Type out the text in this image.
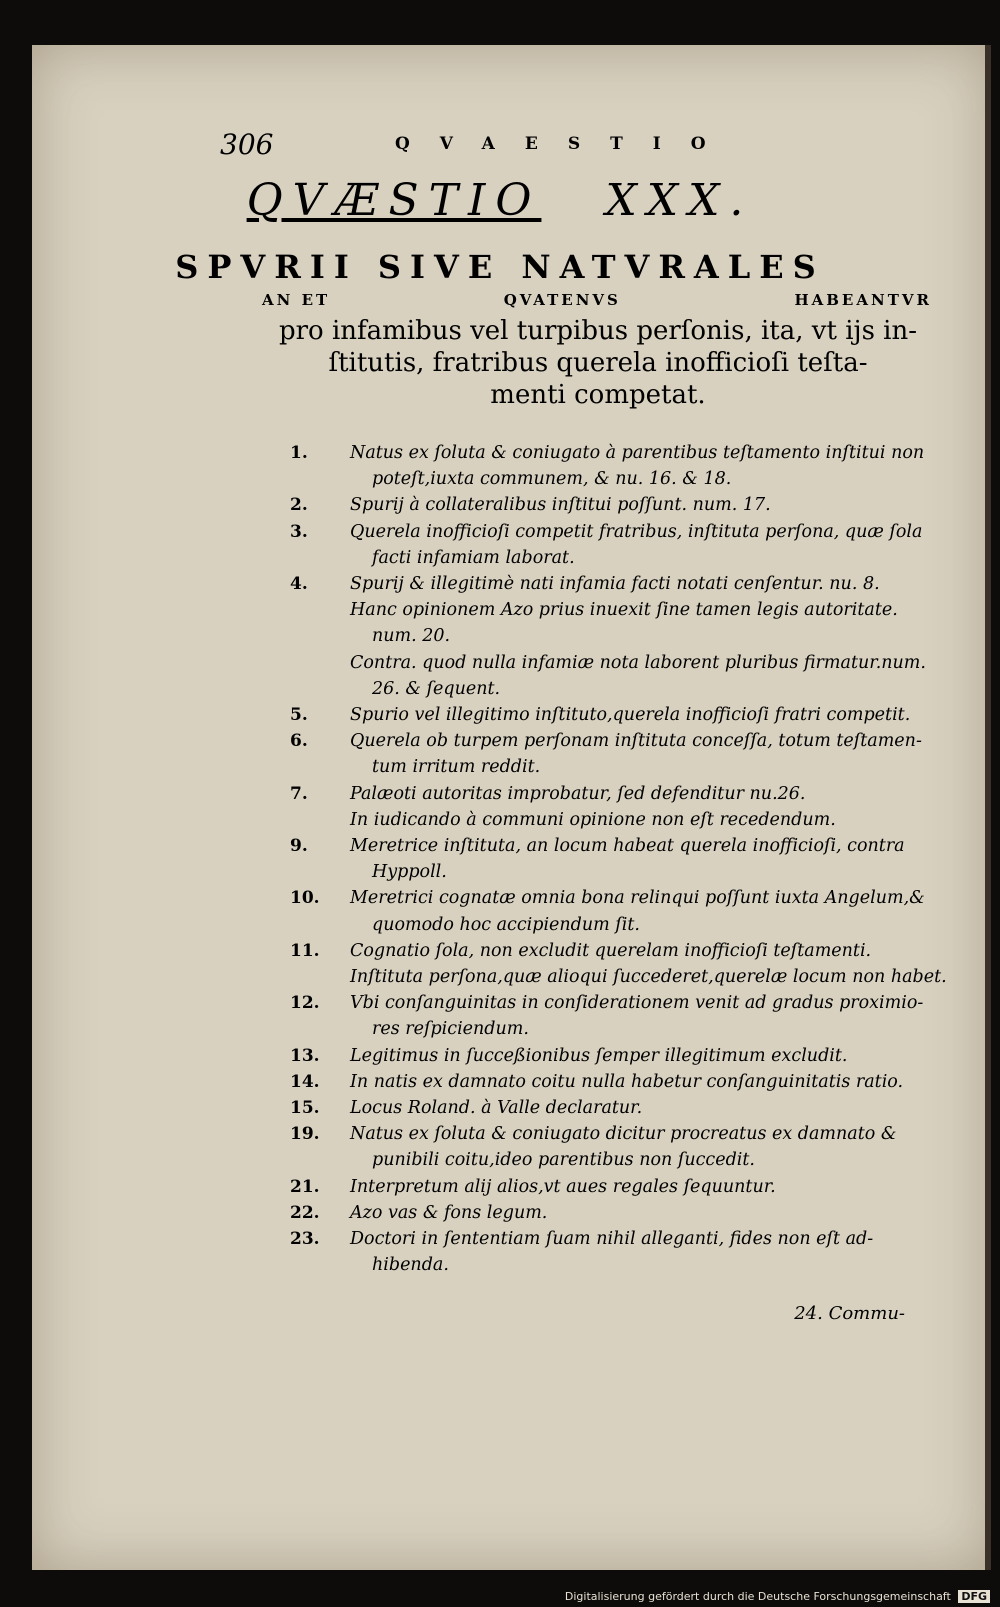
306	QVAESTIO
QVÆSTIO XXX.
SPVRII SIVE NATVRALES
AN ET	QVATENVS	HABEANTVR
pro infamibus vel turpibus perſonis, ita, vt ijs in-
ſtitutis, fratribus querela inofficioſi teſta-
menti competat.
1. Natus ex ſoluta & coniugato à parentibus teſtamento inſtitui non
poteſt,iuxta communem, & nu. 16. & 18.
2. Spurij à collateralibus inſtitui poſſunt. num. 17.
3. Querela inofficioſi competit fratribus, inſtituta perſona, quæ ſola
facti infamiam laborat.
4. Spurij & illegitimè nati infamia facti notati cenſentur. nu. 8.
Hanc opinionem Azo prius inuexit ſine tamen legis autoritate.
num. 20.
Contra. quod nulla infamiæ nota laborent pluribus firmatur.num.
26. & ſequent.
5. Spurio vel illegitimo inſtituto,querela inofficioſi fratri competit.
6. Querela ob turpem perſonam inſtituta conceſſa, totum teſtamen-
tum irritum reddit.
7. Palæoti autoritas improbatur, ſed defenditur nu.26.
In iudicando à communi opinione non eſt recedendum.
9. Meretrice inſtituta, an locum habeat querela inofficioſi, contra
Hyppoll.
10. Meretrici cognatæ omnia bona relinqui poſſunt iuxta Angelum,&
quomodo hoc accipiendum ſit.
11. Cognatio ſola, non excludit querelam inofficioſi teſtamenti.
Inſtituta perſona,quæ alioqui ſuccederet,querelæ locum non habet.
12. Vbi conſanguinitas in conſiderationem venit ad gradus proximio-
res reſpiciendum.
13. Legitimus in ſucceßionibus ſemper illegitimum excludit.
14. In natis ex damnato coitu nulla habetur conſanguinitatis ratio.
15. Locus Roland. à Valle declaratur.
19. Natus ex ſoluta & coniugato dicitur procreatus ex damnato &
punibili coitu,ideo parentibus non ſuccedit.
21. Interpretum alij alios,vt aues regales ſequuntur.
22. Azo vas & fons legum.
23. Doctori in ſententiam ſuam nihil alleganti, fides non eſt ad-
hibenda.
24. Commu-
Digitalisierung gefördert durch die Deutsche Forschungsgemeinschaft DFG
